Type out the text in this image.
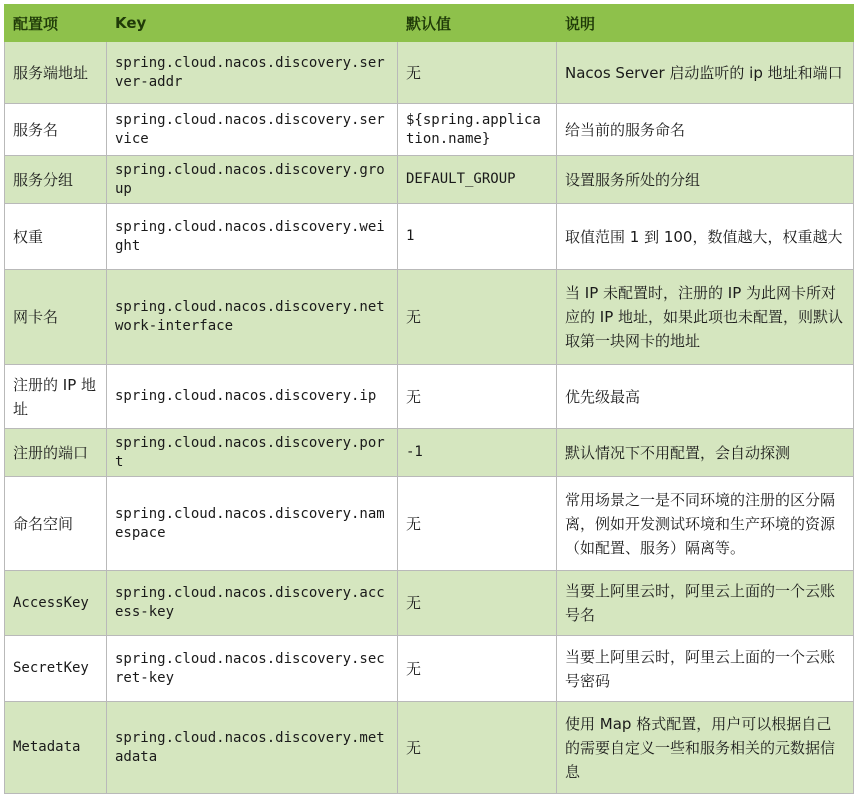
配置项	Key	默认值	说明
服务端地址	spring.cloud.nacos.discovery.server-addr	无	Nacos Server 启动监听的 ip 地址和端口
服务名	spring.cloud.nacos.discovery.service	${spring.application.name}	给当前的服务命名
服务分组	spring.cloud.nacos.discovery.group	DEFAULT_GROUP	设置服务所处的分组
权重	spring.cloud.nacos.discovery.weight	1	取值范围 1 到 100，数值越大，权重越大
网卡名	spring.cloud.nacos.discovery.network-interface	无	当 IP 未配置时，注册的 IP 为此网卡所对应的 IP 地址，如果此项也未配置，则默认取第一块网卡的地址
注册的 IP 地址	spring.cloud.nacos.discovery.ip	无	优先级最高
注册的端口	spring.cloud.nacos.discovery.port	-1	默认情况下不用配置，会自动探测
命名空间	spring.cloud.nacos.discovery.namespace	无	常用场景之一是不同环境的注册的区分隔离，例如开发测试环境和生产环境的资源（如配置、服务）隔离等。
AccessKey	spring.cloud.nacos.discovery.access-key	无	当要上阿里云时，阿里云上面的一个云账号名
SecretKey	spring.cloud.nacos.discovery.secret-key	无	当要上阿里云时，阿里云上面的一个云账号密码
Metadata	spring.cloud.nacos.discovery.metadata	无	使用 Map 格式配置，用户可以根据自己的需要自定义一些和服务相关的元数据信息
